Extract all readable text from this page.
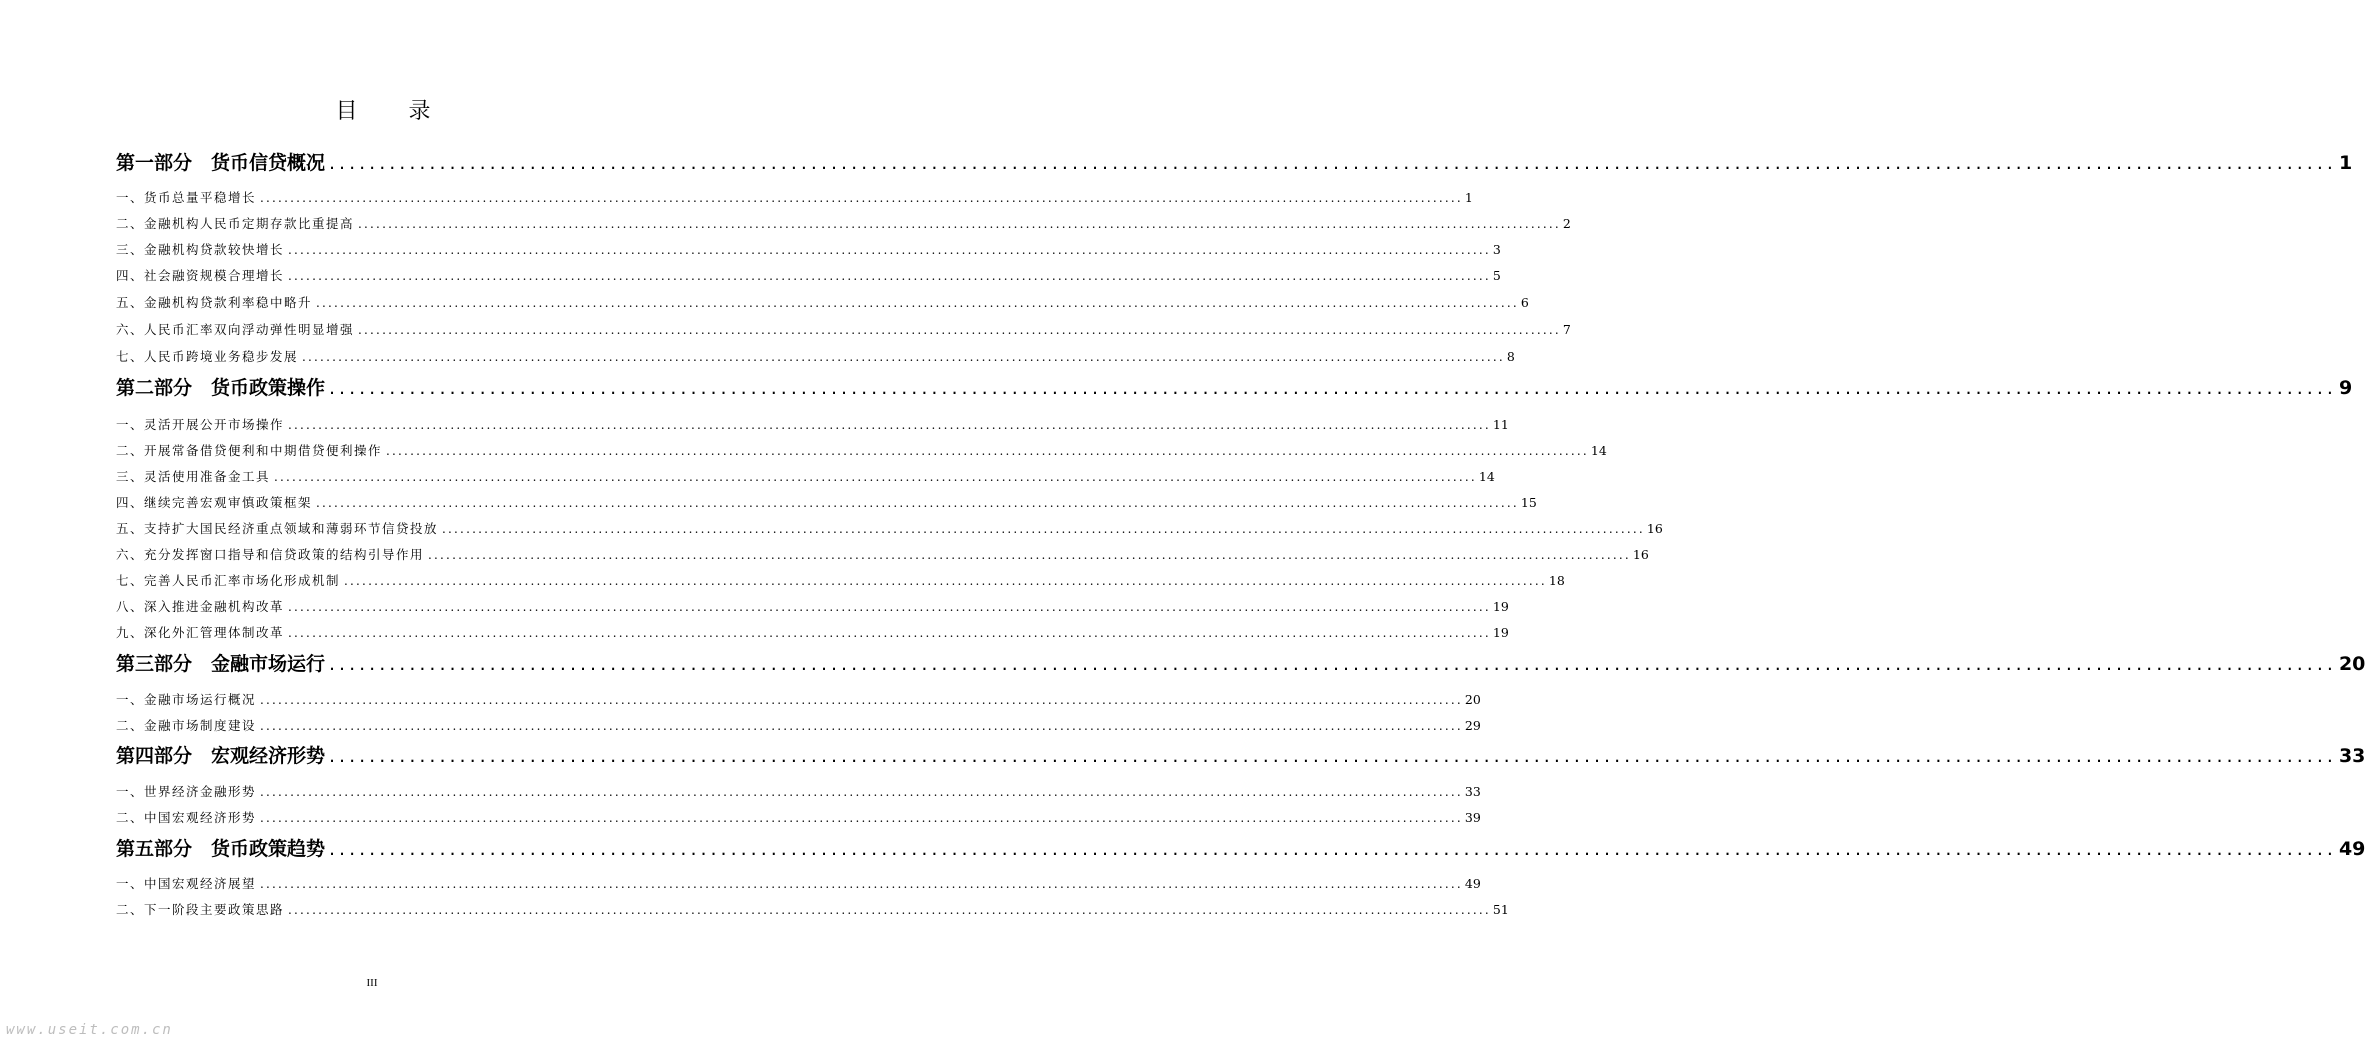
目 录
第一部分　货币信贷概况 ........................................................................................................................................................................................................ 1
一、货币总量平稳增长 ........................................................................................................................................................................................................ 1
二、金融机构人民币定期存款比重提高 ........................................................................................................................................................................................................ 2
三、金融机构贷款较快增长 ........................................................................................................................................................................................................ 3
四、社会融资规模合理增长 ........................................................................................................................................................................................................ 5
五、金融机构贷款利率稳中略升 ........................................................................................................................................................................................................ 6
六、人民币汇率双向浮动弹性明显增强 ........................................................................................................................................................................................................ 7
七、人民币跨境业务稳步发展 ........................................................................................................................................................................................................ 8
第二部分　货币政策操作 ........................................................................................................................................................................................................ 9
一、灵活开展公开市场操作 ........................................................................................................................................................................................................ 11
二、开展常备借贷便利和中期借贷便利操作 ........................................................................................................................................................................................................ 14
三、灵活使用准备金工具 ........................................................................................................................................................................................................ 14
四、继续完善宏观审慎政策框架 ........................................................................................................................................................................................................ 15
五、支持扩大国民经济重点领域和薄弱环节信贷投放 ........................................................................................................................................................................................................ 16
六、充分发挥窗口指导和信贷政策的结构引导作用 ........................................................................................................................................................................................................ 16
七、完善人民币汇率市场化形成机制 ........................................................................................................................................................................................................ 18
八、深入推进金融机构改革 ........................................................................................................................................................................................................ 19
九、深化外汇管理体制改革 ........................................................................................................................................................................................................ 19
第三部分　金融市场运行 ........................................................................................................................................................................................................ 20
一、金融市场运行概况 ........................................................................................................................................................................................................ 20
二、金融市场制度建设 ........................................................................................................................................................................................................ 29
第四部分　宏观经济形势 ........................................................................................................................................................................................................ 33
一、世界经济金融形势 ........................................................................................................................................................................................................ 33
二、中国宏观经济形势 ........................................................................................................................................................................................................ 39
第五部分　货币政策趋势 ........................................................................................................................................................................................................ 49
一、中国宏观经济展望 ........................................................................................................................................................................................................ 49
二、下一阶段主要政策思路 ........................................................................................................................................................................................................ 51
III
www.useit.com.cn
